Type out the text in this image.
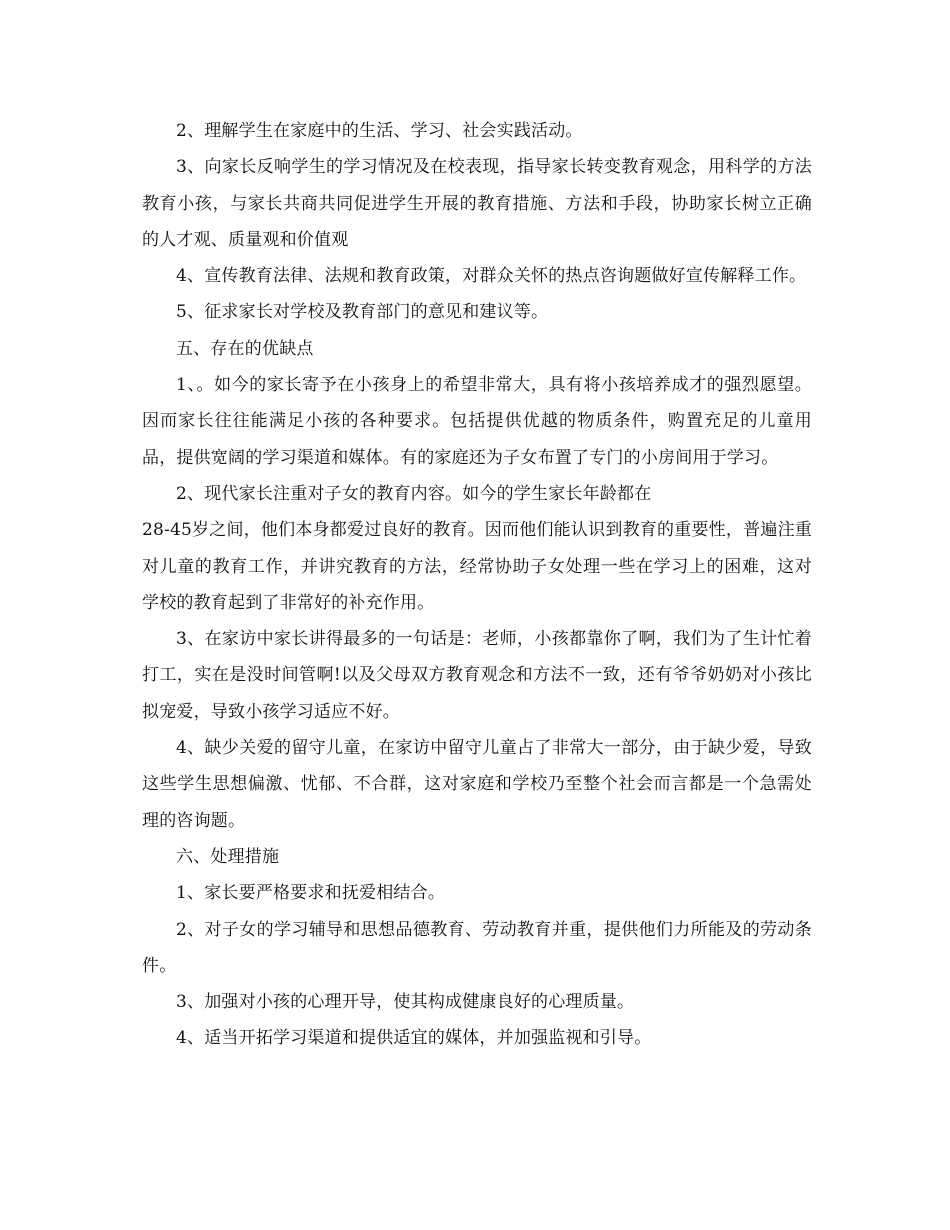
2、理解学生在家庭中的生活、学习、社会实践活动。

3、向家长反响学生的学习情况及在校表现，指导家长转变教育观念，用科学的方法教育小孩，与家长共商共同促进学生开展的教育措施、方法和手段，协助家长树立正确的人才观、质量观和价值观

4、宣传教育法律、法规和教育政策，对群众关怀的热点咨询题做好宣传解释工作。

5、征求家长对学校及教育部门的意见和建议等。

五、存在的优缺点

1、。如今的家长寄予在小孩身上的希望非常大，具有将小孩培养成才的强烈愿望。因而家长往往能满足小孩的各种要求。包括提供优越的物质条件，购置充足的儿童用品，提供宽阔的学习渠道和媒体。有的家庭还为子女布置了专门的小房间用于学习。

2、现代家长注重对子女的教育内容。如今的学生家长年龄都在

28-45岁之间，他们本身都爱过良好的教育。因而他们能认识到教育的重要性，普遍注重对儿童的教育工作，并讲究教育的方法，经常协助子女处理一些在学习上的困难，这对学校的教育起到了非常好的补充作用。

3、在家访中家长讲得最多的一句话是：老师，小孩都靠你了啊，我们为了生计忙着打工，实在是没时间管啊!以及父母双方教育观念和方法不一致，还有爷爷奶奶对小孩比拟宠爱，导致小孩学习适应不好。

4、缺少关爱的留守儿童，在家访中留守儿童占了非常大一部分，由于缺少爱，导致这些学生思想偏激、忧郁、不合群，这对家庭和学校乃至整个社会而言都是一个急需处理的咨询题。

六、处理措施

1、家长要严格要求和抚爱相结合。

2、对子女的学习辅导和思想品德教育、劳动教育并重，提供他们力所能及的劳动条件。

3、加强对小孩的心理开导，使其构成健康良好的心理质量。

4、适当开拓学习渠道和提供适宜的媒体，并加强监视和引导。
